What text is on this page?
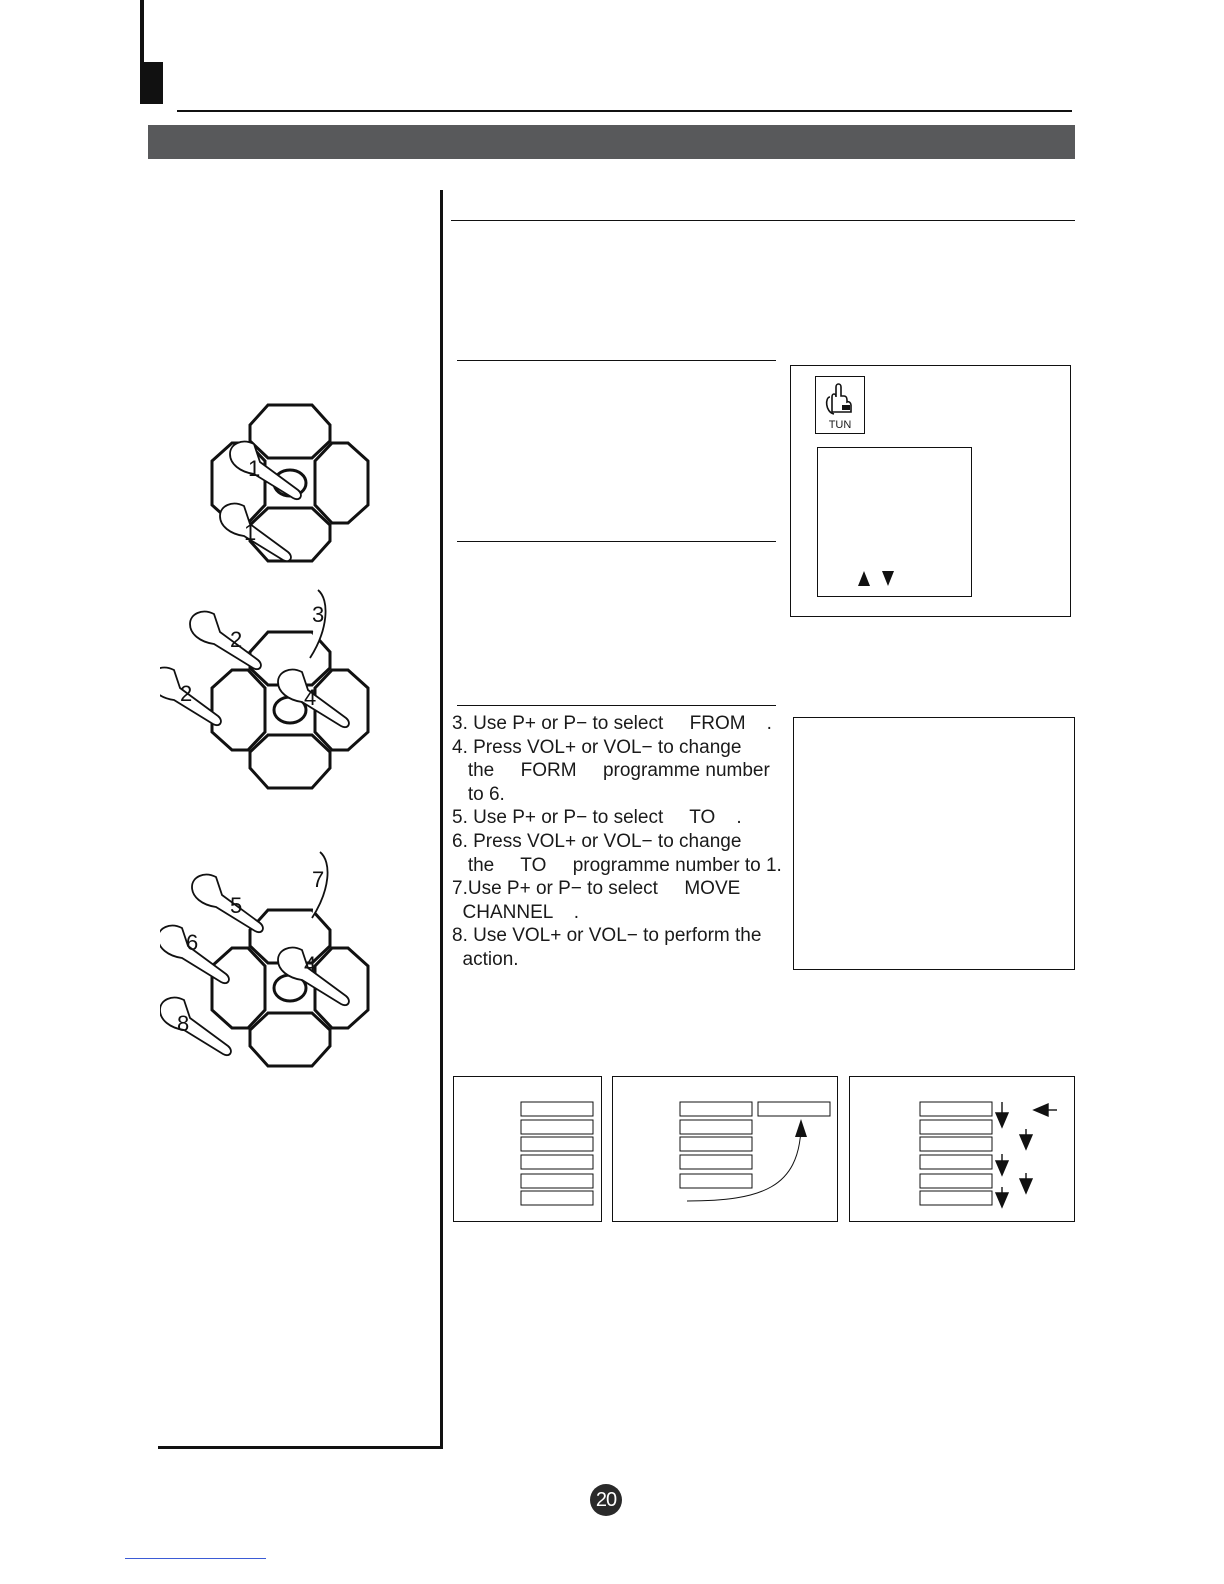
TUN

3. Use P+ or P− to select     FROM    .

4. Press VOL+ or VOL− to change

the     FORM     programme number

to 6.

5. Use P+ or P− to select     TO    .

6. Press VOL+ or VOL− to change

the     TO     programme number to 1.

7.Use P+ or P− to select     MOVE

CHANNEL    .

8. Use VOL+ or VOL− to perform the

action.

1
1
2
2
3
4
5
6
7
4
8
20
